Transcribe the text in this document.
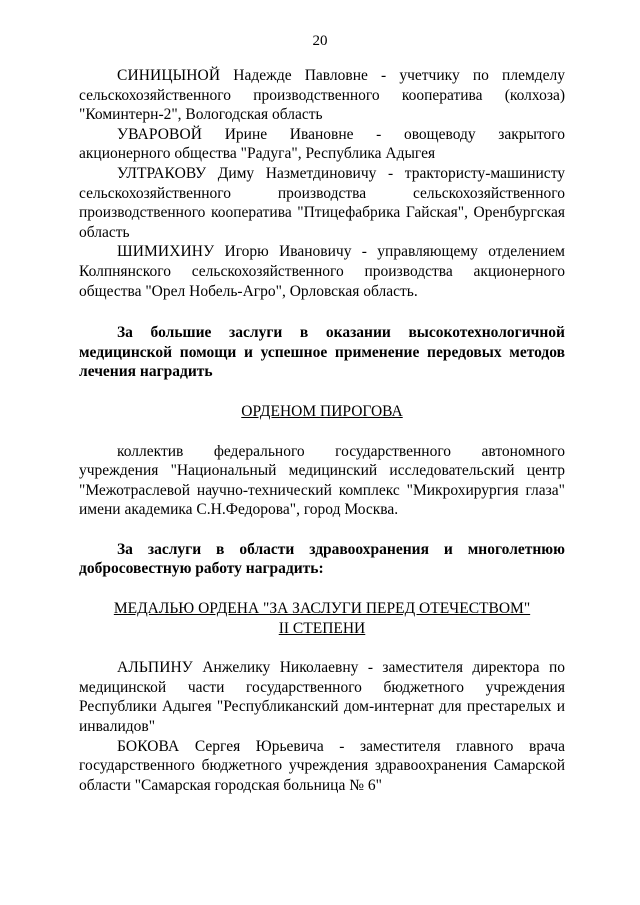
20

СИНИЦЫНОЙ Надежде Павловне - учетчику по племделу сельскохозяйственного производственного кооператива (колхоза) "Коминтерн-2", Вологодская область

УВАРОВОЙ Ирине Ивановне - овощеводу закрытого акционерного общества "Радуга", Республика Адыгея

УЛТРАКОВУ Диму Назметдиновичу - трактористу-машинисту сельскохозяйственного производства сельскохозяйственного производственного кооператива "Птицефабрика Гайская", Оренбургская область

ШИМИХИНУ Игорю Ивановичу - управляющему отделением Колпнянского сельскохозяйственного производства акционерного общества "Орел Нобель-Агро", Орловская область.

За большие заслуги в оказании высокотехнологичной медицинской помощи и успешное применение передовых методов лечения наградить

ОРДЕНОМ ПИРОГОВА

коллектив федерального государственного автономного учреждения "Национальный медицинский исследовательский центр "Межотраслевой научно-технический комплекс "Микрохирургия глаза" имени академика С.Н.Федорова", город Москва.

За заслуги в области здравоохранения и многолетнюю добросовестную работу наградить:

МЕДАЛЬЮ ОРДЕНА "ЗА ЗАСЛУГИ ПЕРЕД ОТЕЧЕСТВОМ"

II СТЕПЕНИ

АЛЬПИНУ Анжелику Николаевну - заместителя директора по медицинской части государственного бюджетного учреждения Республики Адыгея "Республиканский дом-интернат для престарелых и инвалидов"

БОКОВА Сергея Юрьевича - заместителя главного врача государственного бюджетного учреждения здравоохранения Самарской области "Самарская городская больница № 6"
